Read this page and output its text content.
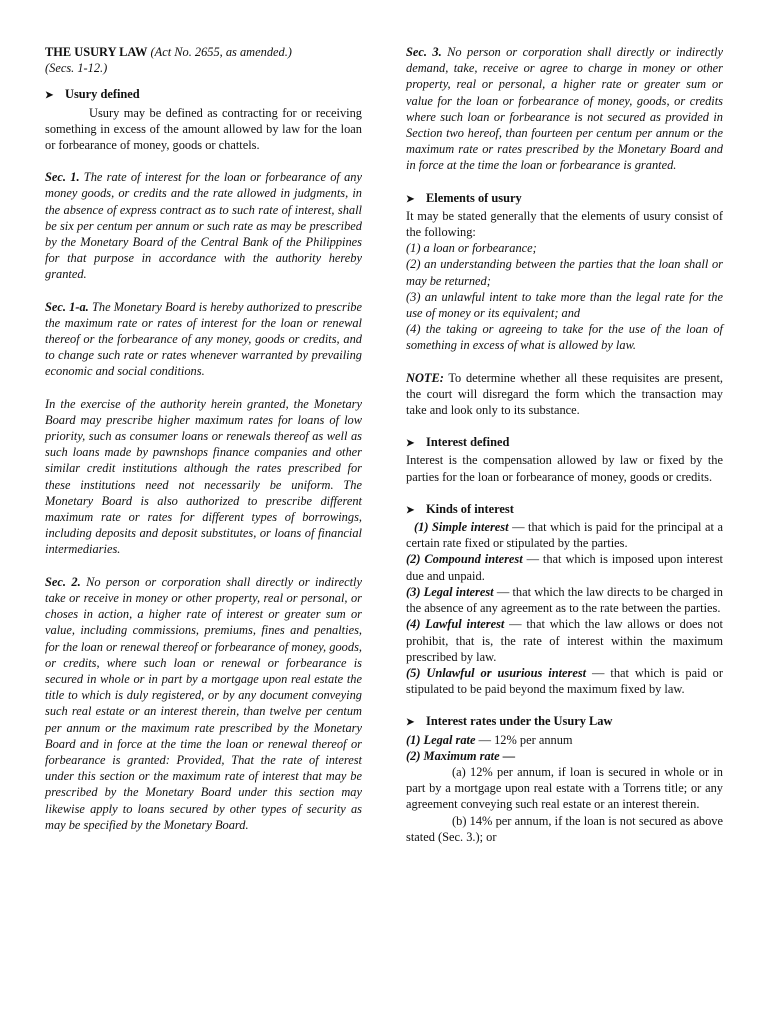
THE USURY LAW (Act No. 2655, as amended.)

(Secs. 1-12.)

➤ Usury defined

Usury may be defined as contracting for or receiving something in excess of the amount allowed by law for the loan or forbearance of money, goods or chattels.

Sec. 1. The rate of interest for the loan or forbearance of any money goods, or credits and the rate allowed in judgments, in the absence of express contract as to such rate of interest, shall be six per centum per annum or such rate as may be prescribed by the Monetary Board of the Central Bank of the Philippines for that purpose in accordance with the authority hereby granted.

Sec. 1-a. The Monetary Board is hereby authorized to prescribe the maximum rate or rates of interest for the loan or renewal thereof or the forbearance of any money, goods or credits, and to change such rate or rates whenever warranted by prevailing economic and social conditions.

In the exercise of the authority herein granted, the Monetary Board may prescribe higher maximum rates for loans of low priority, such as consumer loans or renewals thereof as well as such loans made by pawnshops finance companies and other similar credit institutions although the rates prescribed for these institutions need not necessarily be uniform. The Monetary Board is also authorized to prescribe different maximum rate or rates for different types of borrowings, including deposits and deposit substitutes, or loans of financial intermediaries.

Sec. 2. No person or corporation shall directly or indirectly take or receive in money or other property, real or personal, or choses in action, a higher rate of interest or greater sum or value, including commissions, premiums, fines and penalties, for the loan or renewal thereof or forbearance of money, goods, or credits, where such loan or renewal or forbearance is secured in whole or in part by a mortgage upon real estate the title to which is duly registered, or by any document conveying such real estate or an interest therein, than twelve per centum per annum or the maximum rate prescribed by the Monetary Board and in force at the time the loan or renewal thereof or forbearance is granted: Provided, That the rate of interest under this section or the maximum rate of interest that may be prescribed by the Monetary Board under this section may likewise apply to loans secured by other types of security as may be specified by the Monetary Board.

Sec. 3. No person or corporation shall directly or indirectly demand, take, receive or agree to charge in money or other property, real or personal, a higher rate or greater sum or value for the loan or forbearance of money, goods, or credits where such loan or forbearance is not secured as provided in Section two hereof, than fourteen per centum per annum or the maximum rate or rates prescribed by the Monetary Board and in force at the time the loan or forbearance is granted.

➤ Elements of usury

It may be stated generally that the elements of usury consist of the following:

(1) a loan or forbearance;

(2) an understanding between the parties that the loan shall or may be returned;

(3) an unlawful intent to take more than the legal rate for the use of money or its equivalent; and

(4) the taking or agreeing to take for the use of the loan of something in excess of what is allowed by law.

NOTE: To determine whether all these requisites are present, the court will disregard the form which the transaction may take and look only to its substance.

➤ Interest defined

Interest is the compensation allowed by law or fixed by the parties for the loan or forbearance of money, goods or credits.

➤ Kinds of interest

(1) Simple interest — that which is paid for the principal at a certain rate fixed or stipulated by the parties.

(2) Compound interest — that which is imposed upon interest due and unpaid.

(3) Legal interest — that which the law directs to be charged in the absence of any agreement as to the rate between the parties.

(4) Lawful interest — that which the law allows or does not prohibit, that is, the rate of interest within the maximum prescribed by law.

(5) Unlawful or usurious interest — that which is paid or stipulated to be paid beyond the maximum fixed by law.

➤ Interest rates under the Usury Law

(1) Legal rate — 12% per annum

(2) Maximum rate —

(a) 12% per annum, if loan is secured in whole or in part by a mortgage upon real estate with a Torrens title; or any agreement conveying such real estate or an interest therein.

(b) 14% per annum, if the loan is not secured as above stated (Sec. 3.); or
